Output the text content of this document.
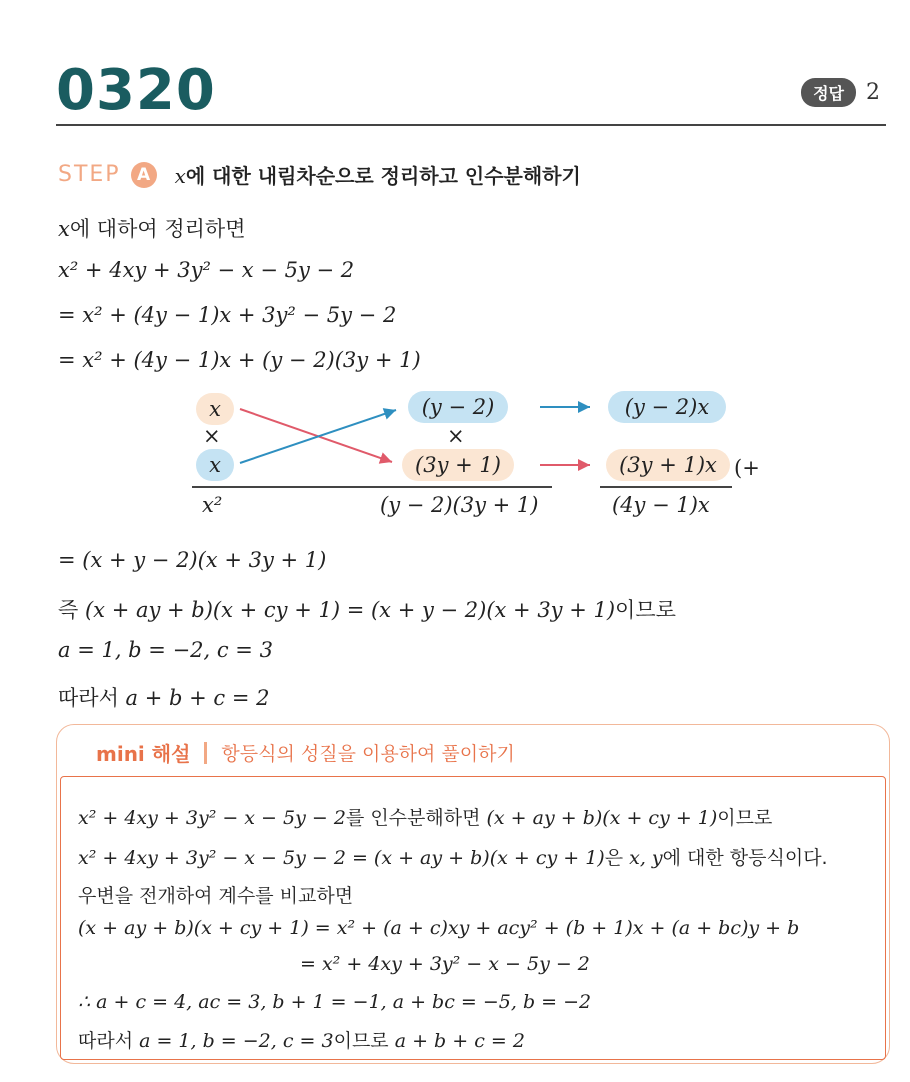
0320	정답	2
STEP A	x에 대한 내림차순으로 정리하고 인수분해하기
x에 대하여 정리하면
x² + 4xy + 3y² − x − 5y − 2
= x² + (4y − 1)x + 3y² − 5y − 2
= x² + (4y − 1)x + (y − 2)(3y + 1)
x
×
x
(y − 2)
×
(3y + 1)
(y − 2)x
(3y + 1)x (+
x²	(y − 2)(3y + 1)	(4y − 1)x
= (x + y − 2)(x + 3y + 1)
즉 (x + ay + b)(x + cy + 1) = (x + y − 2)(x + 3y + 1)이므로
a = 1, b = −2, c = 3
따라서 a + b + c = 2
mini 해설 항등식의 성질을 이용하여 풀이하기
x² + 4xy + 3y² − x − 5y − 2를 인수분해하면 (x + ay + b)(x + cy + 1)이므로
x² + 4xy + 3y² − x − 5y − 2 = (x + ay + b)(x + cy + 1)은 x, y에 대한 항등식이다.
우변을 전개하여 계수를 비교하면
(x + ay + b)(x + cy + 1) = x² + (a + c)xy + acy² + (b + 1)x + (a + bc)y + b
= x² + 4xy + 3y² − x − 5y − 2
∴ a + c = 4, ac = 3, b + 1 = −1, a + bc = −5, b = −2
따라서 a = 1, b = −2, c = 3이므로 a + b + c = 2
